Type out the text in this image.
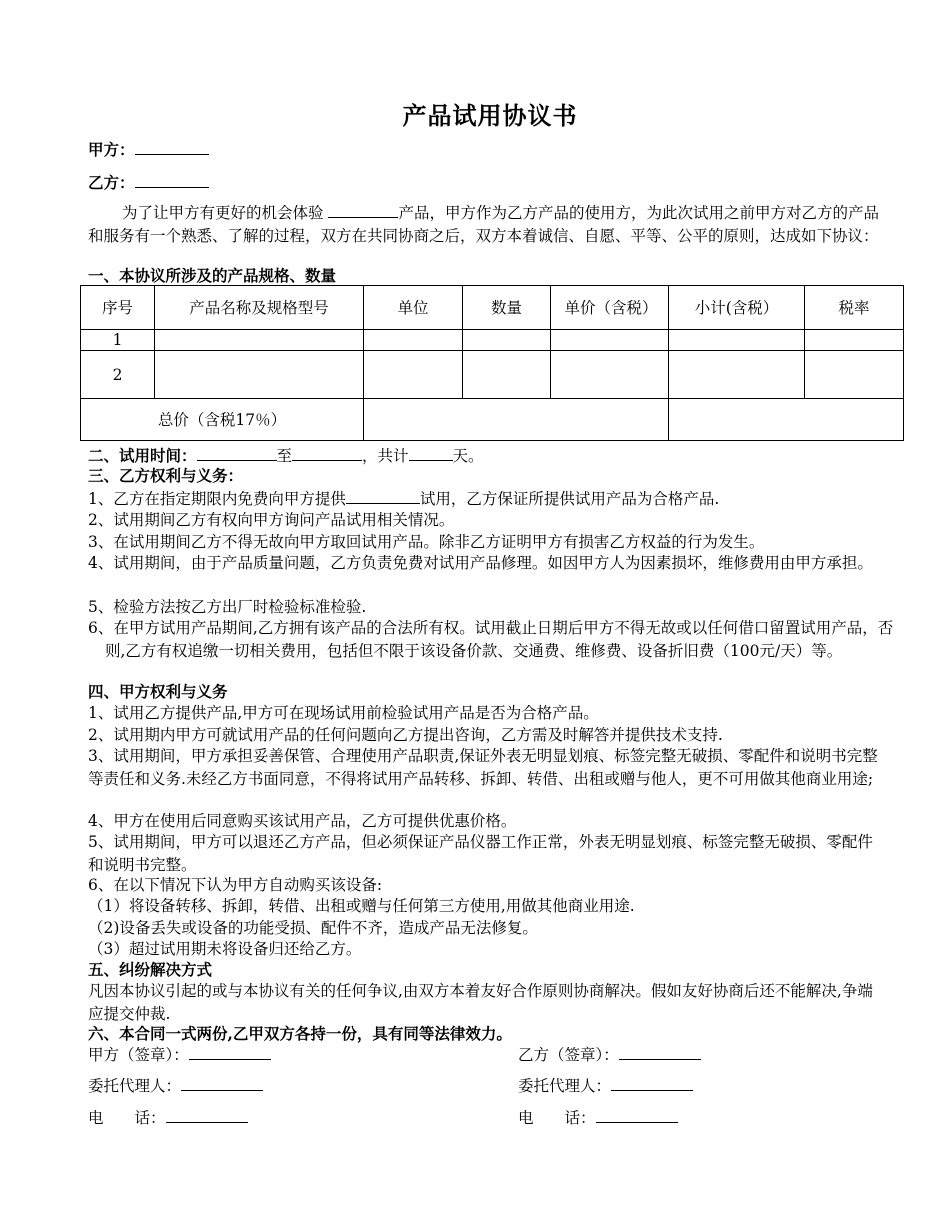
产品试用协议书
甲方：
乙方：
为了让甲方有更好的机会体验	产品，甲方作为乙方产品的使用方，为此次试用之前甲方对乙方的产品和服务有一个熟悉、了解的过程，双方在共同协商之后，双方本着诚信、自愿、平等、公平的原则，达成如下协议：
一、本协议所涉及的产品规格、数量
序号	产品名称及规格型号	单位	数量	单价（含税）	小计(含税）	税率
1						
2						
总价（含税17％）						
二、试用时间：	至	，共计	天。
三、乙方权利与义务：
1、乙方在指定期限内免费向甲方提供	试用，乙方保证所提供试用产品为合格产品.
2、试用期间乙方有权向甲方询问产品试用相关情况。
3、在试用期间乙方不得无故向甲方取回试用产品。除非乙方证明甲方有损害乙方权益的行为发生。
4、试用期间，由于产品质量问题，乙方负责免费对试用产品修理。如因甲方人为因素损坏，维修费用由甲方承担。
5、检验方法按乙方出厂时检验标准检验.
6、在甲方试用产品期间,乙方拥有该产品的合法所有权。试用截止日期后甲方不得无故或以任何借口留置试用产品，否则,乙方有权追缴一切相关费用，包括但不限于该设备价款、交通费、维修费、设备折旧费（100元/天）等。
四、甲方权利与义务
1、试用乙方提供产品,甲方可在现场试用前检验试用产品是否为合格产品。
2、试用期内甲方可就试用产品的任何问题向乙方提出咨询，乙方需及时解答并提供技术支持.
3、试用期间，甲方承担妥善保管、合理使用产品职责,保证外表无明显划痕、标签完整无破损、零配件和说明书完整等责任和义务.未经乙方书面同意，不得将试用产品转移、拆卸、转借、出租或赠与他人，更不可用做其他商业用途;
4、甲方在使用后同意购买该试用产品，乙方可提供优惠价格。
5、试用期间，甲方可以退还乙方产品，但必须保证产品仪器工作正常，外表无明显划痕、标签完整无破损、零配件和说明书完整。
6、在以下情况下认为甲方自动购买该设备:
（1）将设备转移、拆卸，转借、出租或赠与任何第三方使用,用做其他商业用途.
（2)设备丢失或设备的功能受损、配件不齐，造成产品无法修复。
（3）超过试用期未将设备归还给乙方。
五、纠纷解决方式
凡因本协议引起的或与本协议有关的任何争议,由双方本着友好合作原则协商解决。假如友好协商后还不能解决,争端应提交仲裁.
六、本合同一式两份,乙甲双方各持一份，具有同等法律效力。
甲方（签章）：	乙方（签章）：
委托代理人：	委托代理人：
电　　话：	电　　话：
